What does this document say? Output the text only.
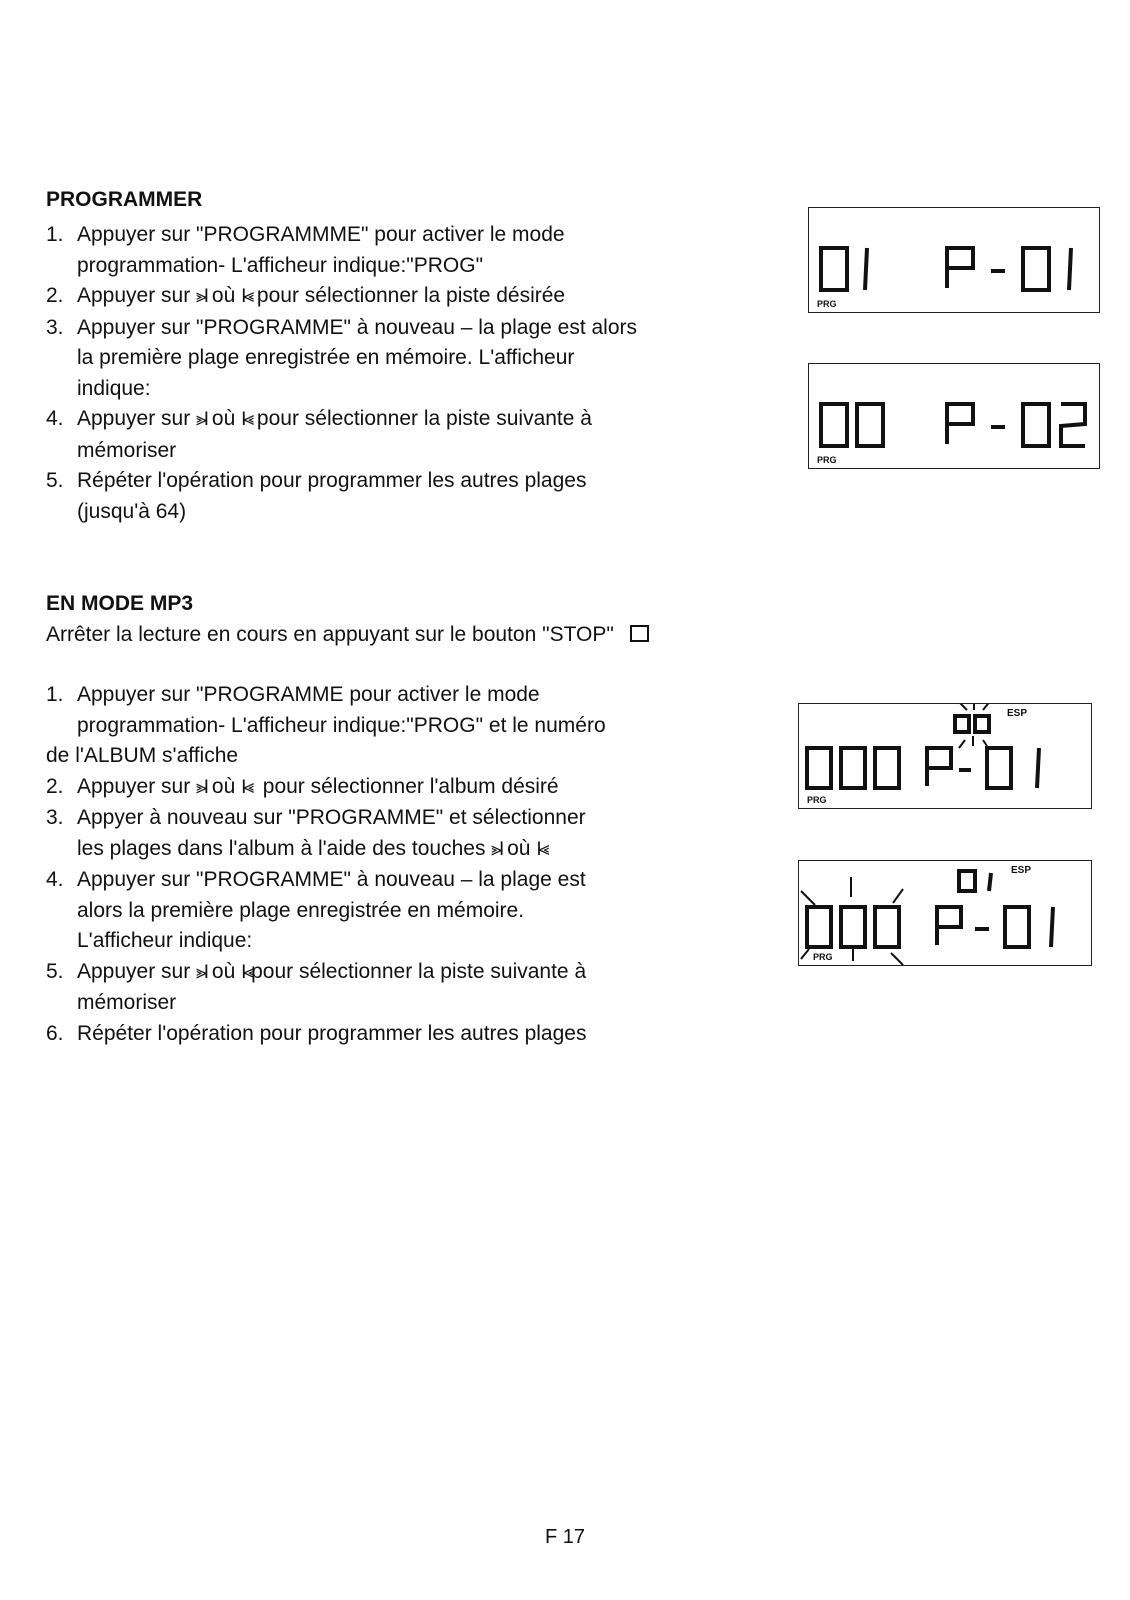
PROGRAMMER
1. Appuyer sur "PROGRAMMME" pour activer le mode
programmation- L'afficheur indique:"PROG"
2. Appuyer sur ⪢I où I⪡ pour sélectionner la piste désirée
3. Appuyer sur "PROGRAMME" à nouveau – la plage est alors
la première plage enregistrée en mémoire. L'afficheur
indique:
4. Appuyer sur ⪢I où I⪡ pour sélectionner la piste suivante à
mémoriser
5. Répéter l'opération pour programmer les autres plages
(jusqu'à 64)
PRG
PRG
EN MODE MP3

Arrêter la lecture en cours en appuyant sur le bouton "STOP"

1. Appuyer sur "PROGRAMME pour activer le mode
programmation- L'afficheur indique:"PROG" et le numéro

de l'ALBUM s'affiche
2. Appuyer sur ⪢I où I⪡  pour sélectionner l'album désiré
3. Appyer à nouveau sur "PROGRAMME" et sélectionner
les plages dans l'album à l'aide des touches ⪢I où I⪡
4. Appuyer sur "PROGRAMME" à nouveau – la plage est
alors la première plage enregistrée en mémoire.
L'afficheur indique:
5. Appuyer sur ⪢I où I⪡pour sélectionner la piste suivante à
mémoriser
6. Répéter l'opération pour programmer les autres plages
ESP
PRG
ESP
PRG
F 17
